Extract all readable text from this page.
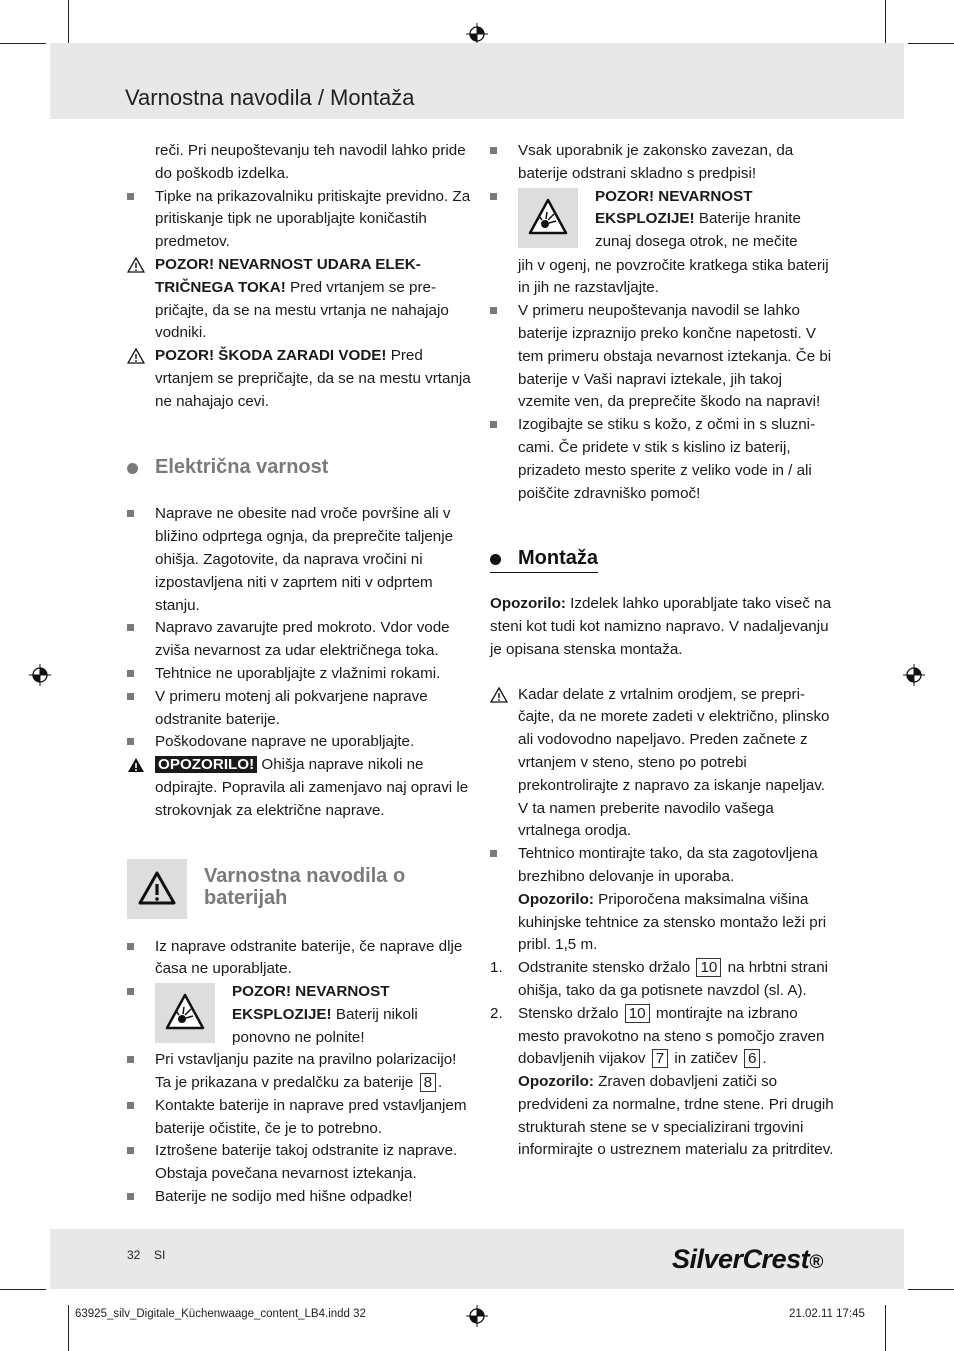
Varnostna navodila / Montaža

reči. Pri neupoštevanju teh navodil lahko pride do poškodb izdelka.

Tipke na prikazovalniku pritiskajte previdno. Za pritiskanje tipk ne uporabljajte koničastih predmetov.

POZOR! NEVARNOST UDARA ELEKTRIČNEGA TOKA! Pred vrtanjem se prepričajte, da se na mestu vrtanja ne nahajajo vodniki.

POZOR! ŠKODA ZARADI VODE! Pred vrtanjem se prepričajte, da se na mestu vrtanja ne nahajajo cevi.

Električna varnost

Naprave ne obesite nad vroče površine ali v bližino odprtega ognja, da preprečite taljenje ohišja. Zagotovite, da naprava vročini ni izpostavljena niti v zaprtem niti v odprtem stanju.

Napravo zavarujte pred mokroto. Vdor vode zviša nevarnost za udar električnega toka.

Tehtnice ne uporabljajte z vlažnimi rokami.

V primeru motenj ali pokvarjene naprave odstranite baterije.

Poškodovane naprave ne uporabljajte.

OPOZORILO! Ohišja naprave nikoli ne odpirajte. Popravila ali zamenjavo naj opravi le strokovnjak za električne naprave.

Varnostna navodila o baterijah

Iz naprave odstranite baterije, če naprave dlje časa ne uporabljate.

POZOR! NEVARNOST EKSPLOZIJE! Baterij nikoli ponovno ne polnite!

Pri vstavljanju pazite na pravilno polarizacijo! Ta je prikazana v predalčku za baterije 8 .

Kontakte baterije in naprave pred vstavljanjem baterije očistite, če je to potrebno.

Iztrošene baterije takoj odstranite iz naprave. Obstaja povečana nevarnost iztekanja.

Baterije ne sodijo med hišne odpadke!

Vsak uporabnik je zakonsko zavezan, da baterije odstrani skladno s predpisi!

POZOR! NEVARNOST EKSPLOZIJE! Baterije hranite zunaj dosega otrok, ne mečite

jih v ogenj, ne povzročite kratkega stika baterij in jih ne razstavljajte.

V primeru neupoštevanja navodil se lahko baterije izpraznijo preko končne napetosti. V tem primeru obstaja nevarnost iztekanja. Če bi baterije v Vaši napravi iztekale, jih takoj vzemite ven, da preprečite škodo na napravi!

Izogibajte se stiku s kožo, z očmi in s sluznicami. Če pridete v stik s kislino iz baterij, prizadeto mesto sperite z veliko vode in / ali poiščite zdravniško pomoč!

Montaža

Opozorilo: Izdelek lahko uporabljate tako viseč na steni kot tudi kot namizno napravo. V nadaljevanju je opisana stenska montaža.

Kadar delate z vrtalnim orodjem, se prepričajte, da ne morete zadeti v električno, plinsko ali vodovodno napeljavo. Preden začnete z vrtanjem v steno, steno po potrebi prekontrolirajte z napravo za iskanje napeljav. V ta namen preberite navodilo vašega vrtalnega orodja.

Tehtnico montirajte tako, da sta zagotovljena brezhibno delovanje in uporaba.

Opozorilo: Priporočena maksimalna višina kuhinjske tehtnice za stensko montažo leži pri pribl. 1,5 m.

1. Odstranite stensko držalo 10 na hrbtni strani ohišja, tako da ga potisnete navzdol (sl. A).

2. Stensko držalo 10 montirajte na izbrano mesto pravokotno na steno s pomočjo zraven dobavljenih vijakov 7 in zatičev 6 .

Opozorilo: Zraven dobavljeni zatiči so predvideni za normalne, trdne stene. Pri drugih strukturah stene se v specializirani trgovini informirajte o ustreznem materialu za pritrditev.

32 SI	SilverCrest®
63925_silv_Digitale_Küchenwaage_content_LB4.indd 32	21.02.11 17:45
